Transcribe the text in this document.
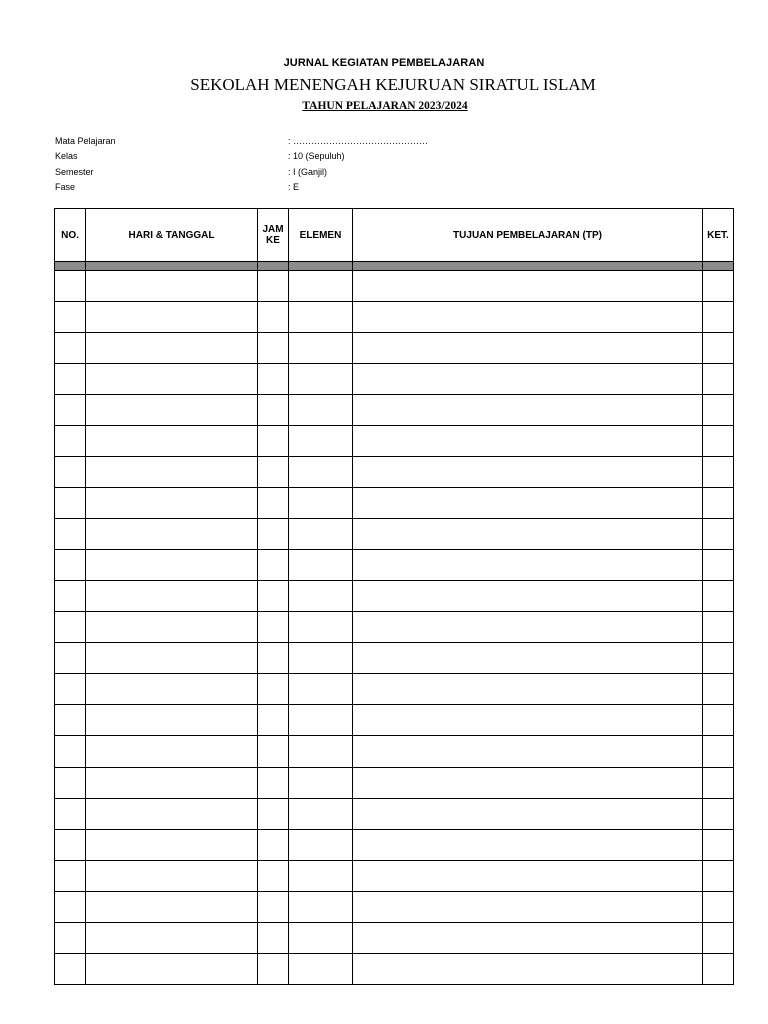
JURNAL KEGIATAN PEMBELAJARAN
SEKOLAH MENENGAH KEJURUAN SIRATUL ISLAM
TAHUN PELAJARAN 2023/2024
Mata Pelajaran	: ………………………………………
Kelas	: 10 (Sepuluh)
Semester	: I (Ganjil)
Fase	: E
NO.	HARI & TANGGAL	JAM KE	ELEMEN	TUJUAN PEMBELAJARAN (TP)	KET.
